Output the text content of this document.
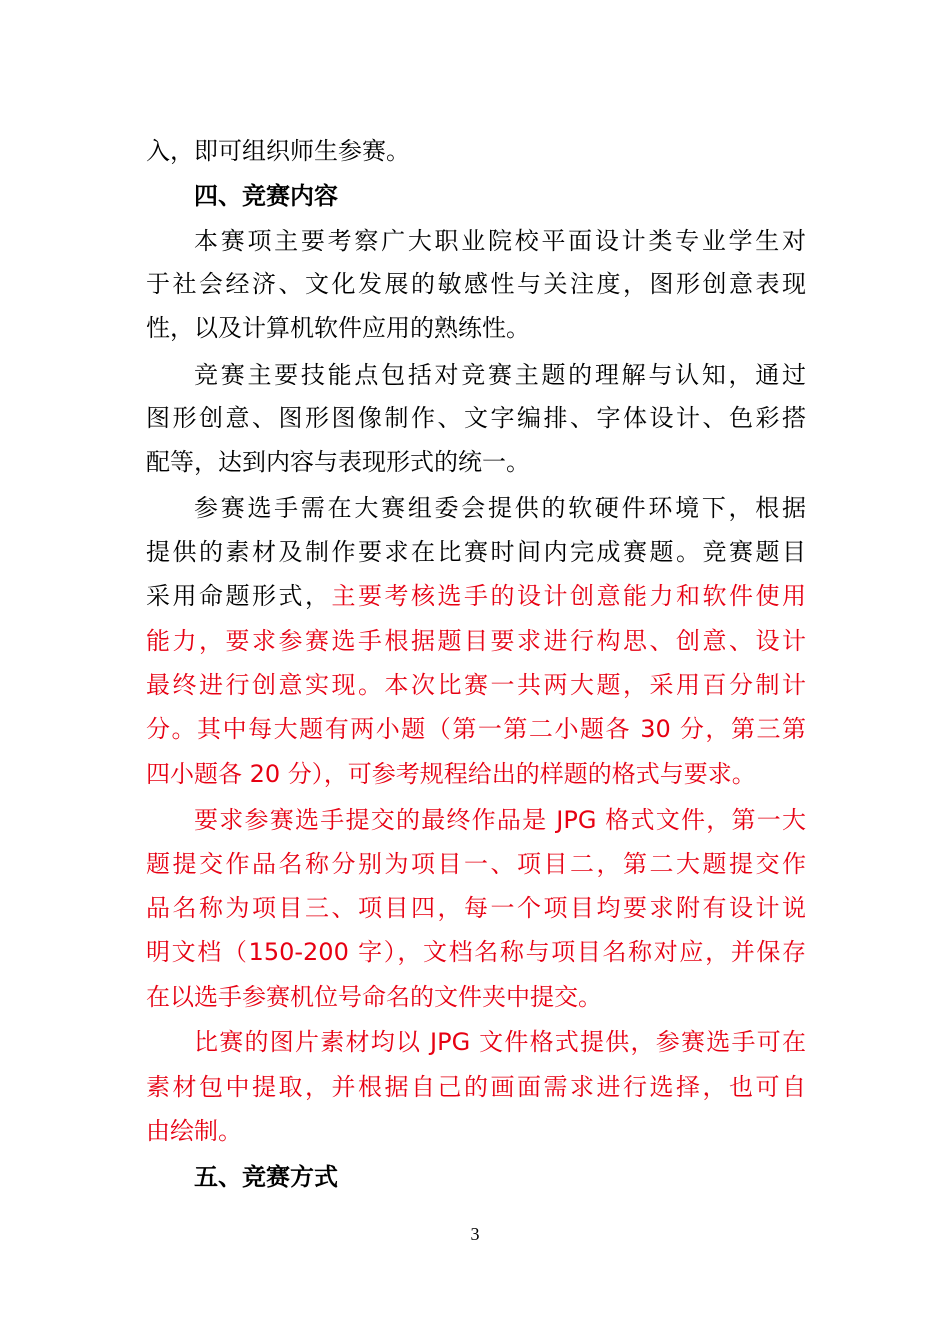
入，即可组织师生参赛。
四、竞赛内容
本赛项主要考察广大职业院校平面设计类专业学生对
于社会经济、文化发展的敏感性与关注度，图形创意表现
性，以及计算机软件应用的熟练性。
竞赛主要技能点包括对竞赛主题的理解与认知，通过
图形创意、图形图像制作、文字编排、字体设计、色彩搭
配等，达到内容与表现形式的统一。
参赛选手需在大赛组委会提供的软硬件环境下，根据
提供的素材及制作要求在比赛时间内完成赛题。竞赛题目
采用命题形式，主要考核选手的设计创意能力和软件使用
能力，要求参赛选手根据题目要求进行构思、创意、设计
最终进行创意实现。本次比赛一共两大题，采用百分制计
分。其中每大题有两小题（第一第二小题各 30 分，第三第
四小题各 20 分），可参考规程给出的样题的格式与要求。
要求参赛选手提交的最终作品是 JPG 格式文件，第一大
题提交作品名称分别为项目一、项目二，第二大题提交作
品名称为项目三、项目四，每一个项目均要求附有设计说
明文档（150-200 字），文档名称与项目名称对应，并保存
在以选手参赛机位号命名的文件夹中提交。
比赛的图片素材均以 JPG 文件格式提供，参赛选手可在
素材包中提取，并根据自己的画面需求进行选择，也可自
由绘制。
五、竞赛方式
3
